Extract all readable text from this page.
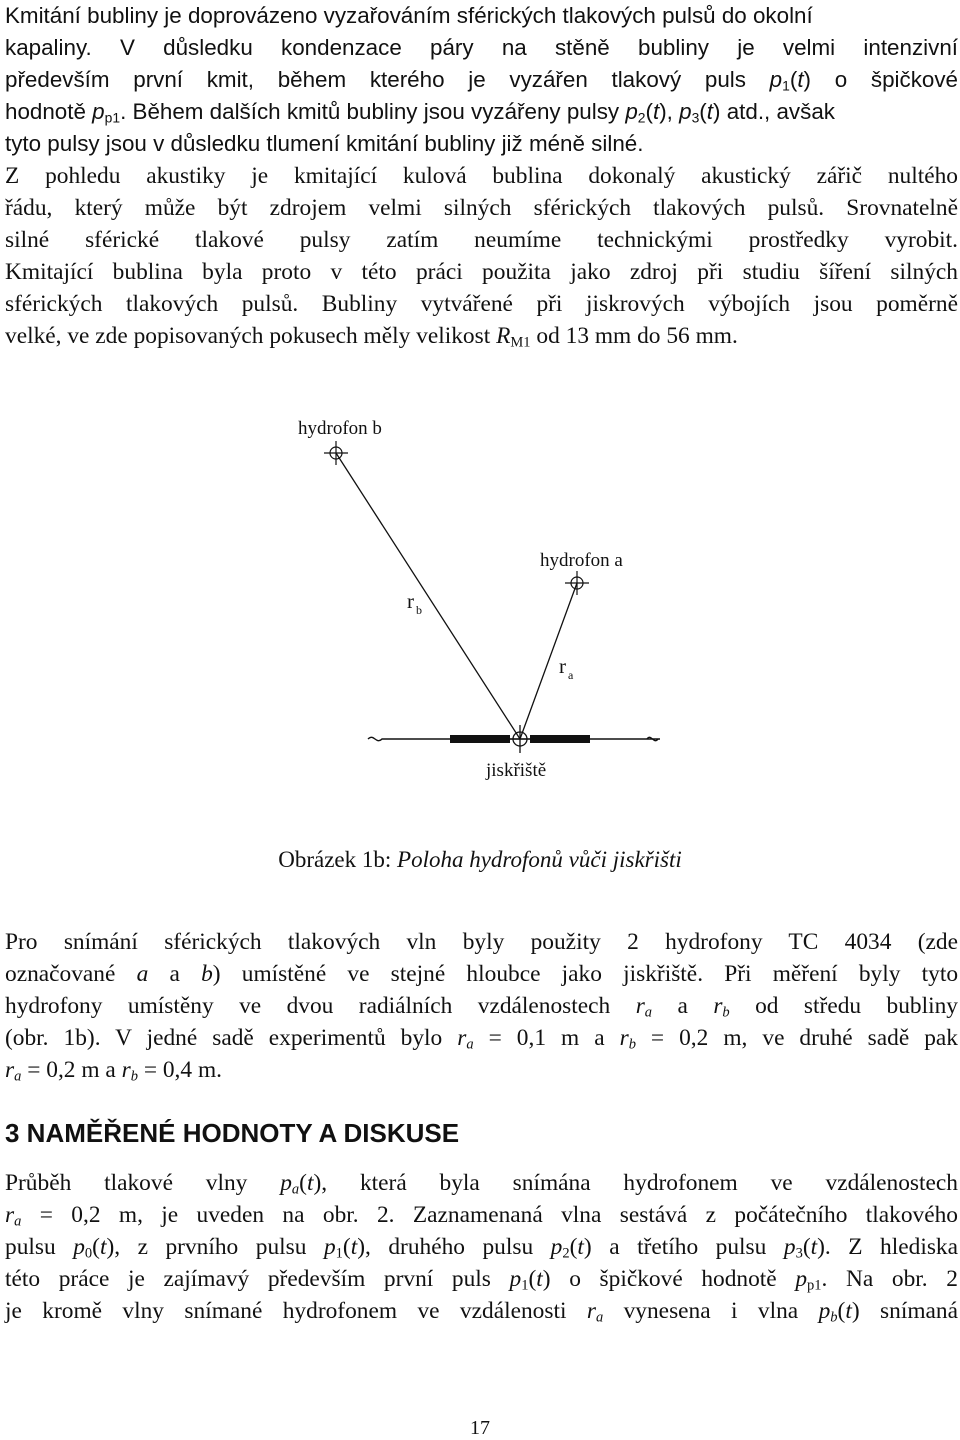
Kmitání bubliny je doprovázeno vyzařováním sférických tlakových pulsů do okolní
kapaliny. V důsledku kondenzace páry na stěně bubliny je velmi intenzivní
především první kmit, během kterého je vyzářen tlakový puls $p_1(t)$ o špičkové
hodnotě $p_{p1}$. Během dalších kmitů bubliny jsou vyzářeny pulsy $p_2(t)$, $p_3(t)$ atd., avšak
tyto pulsy jsou v důsledku tlumení kmitání bubliny již méně silné.
Z pohledu akustiky je kmitající kulová bublina dokonalý akustický zářič nultého
řádu, který může být zdrojem velmi silných sférických tlakových pulsů. Srovnatelně
silné sférické tlakové pulsy zatím neumíme technickými prostředky vyrobit.
Kmitající bublina byla proto v této práci použita jako zdroj při studiu šíření silných
sférických tlakových pulsů. Bubliny vytvářené při jiskrových výbojích jsou poměrně
velké, ve zde popisovaných pokusech měly velikost $R_{M1}$ od 13 mm do 56 mm.
hydrofon b
hydrofon a
r $_b$
r $_a$
jiskřiště

Obrázek 1b: Poloha hydrofonů vůči jiskřišti

Pro snímání sférických tlakových vln byly použity 2 hydrofony TC 4034 (zde
označované a a b) umístěné ve stejné hloubce jako jiskřiště. Při měření byly tyto
hydrofony umístěny ve dvou radiálních vzdálenostech $r_a$ a $r_b$ od středu bubliny
(obr. 1b). V jedné sadě experimentů bylo $r_a = 0,1$ m a $r_b = 0,2$ m, ve druhé sadě pak
$r_a = 0,2$ m a $r_b = 0,4$ m.
3 NAMĚŘENÉ HODNOTY A DISKUSE
Průběh tlakové vlny $p_a(t)$, která byla snímána hydrofonem ve vzdálenostech
$r_a = 0,2$ m, je uveden na obr. 2. Zaznamenaná vlna sestává z počátečního tlakového
pulsu $p_0(t)$, z prvního pulsu $p_1(t)$, druhého pulsu $p_2(t)$ a třetího pulsu $p_3(t)$. Z hlediska
této práce je zajímavý především první puls $p_1(t)$ o špičkové hodnotě $p_{p1}$. Na obr. 2
je kromě vlny snímané hydrofonem ve vzdálenosti $r_a$ vynesena i vlna $p_b(t)$ snímaná

17
